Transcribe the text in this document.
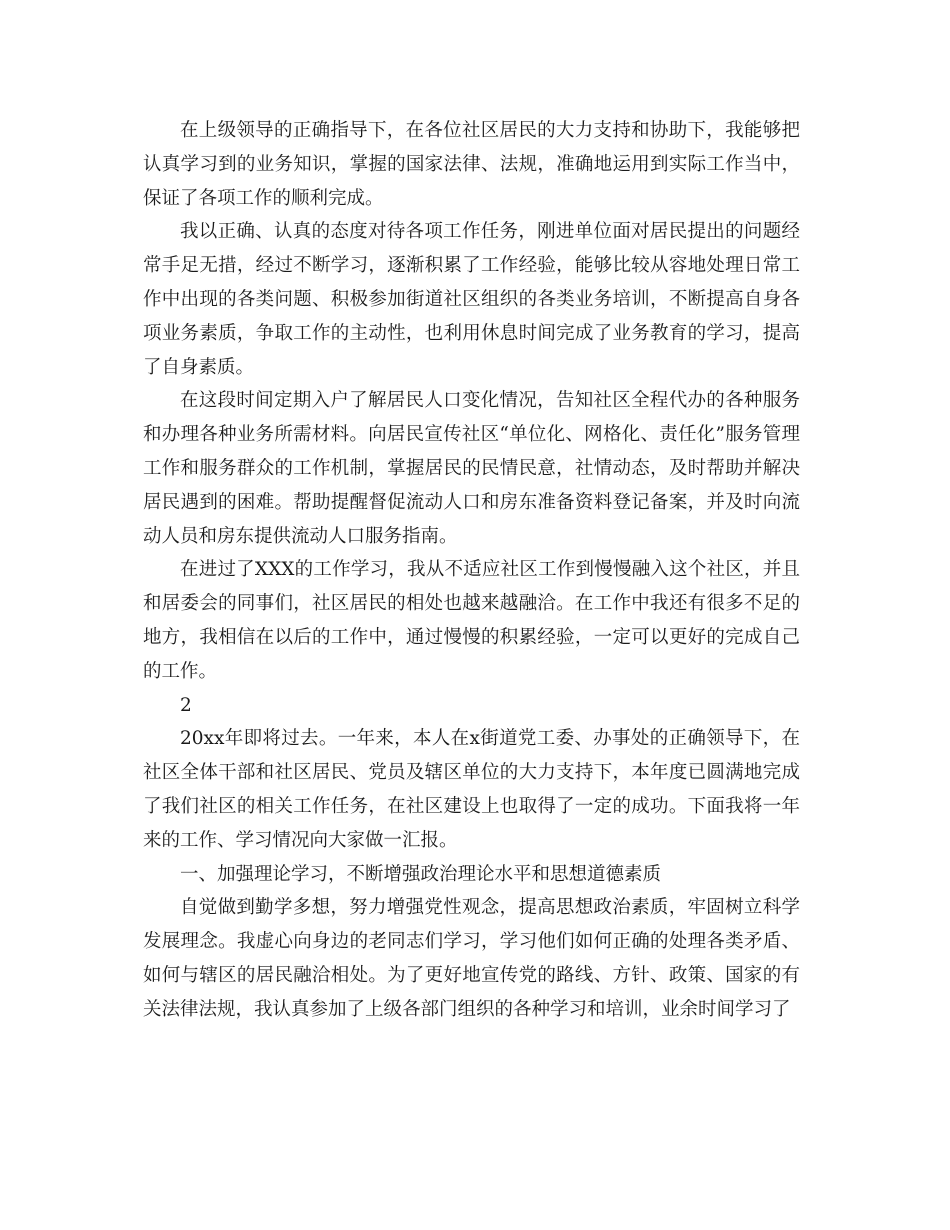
在上级领导的正确指导下，在各位社区居民的大力支持和协助下，我能够把认真学习到的业务知识，掌握的国家法律、法规，准确地运用到实际工作当中，保证了各项工作的顺利完成。

我以正确、认真的态度对待各项工作任务，刚进单位面对居民提出的问题经常手足无措，经过不断学习，逐渐积累了工作经验，能够比较从容地处理日常工作中出现的各类问题、积极参加街道社区组织的各类业务培训，不断提高自身各项业务素质，争取工作的主动性，也利用休息时间完成了业务教育的学习，提高了自身素质。

在这段时间定期入户了解居民人口变化情况，告知社区全程代办的各种服务和办理各种业务所需材料。向居民宣传社区“单位化、网格化、责任化”服务管理工作和服务群众的工作机制，掌握居民的民情民意，社情动态，及时帮助并解决居民遇到的困难。帮助提醒督促流动人口和房东准备资料登记备案，并及时向流动人员和房东提供流动人口服务指南。

在进过了XXX的工作学习，我从不适应社区工作到慢慢融入这个社区，并且和居委会的同事们，社区居民的相处也越来越融洽。在工作中我还有很多不足的地方，我相信在以后的工作中，通过慢慢的积累经验，一定可以更好的完成自己的工作。

2

20xx年即将过去。一年来，本人在x街道党工委、办事处的正确领导下，在社区全体干部和社区居民、党员及辖区单位的大力支持下，本年度已圆满地完成了我们社区的相关工作任务，在社区建设上也取得了一定的成功。下面我将一年来的工作、学习情况向大家做一汇报。

一、加强理论学习，不断增强政治理论水平和思想道德素质

自觉做到勤学多想，努力增强党性观念，提高思想政治素质，牢固树立科学发展理念。我虚心向身边的老同志们学习，学习他们如何正确的处理各类矛盾、如何与辖区的居民融洽相处。为了更好地宣传党的路线、方针、政策、国家的有关法律法规，我认真参加了上级各部门组织的各种学习和培训，业余时间学习了
